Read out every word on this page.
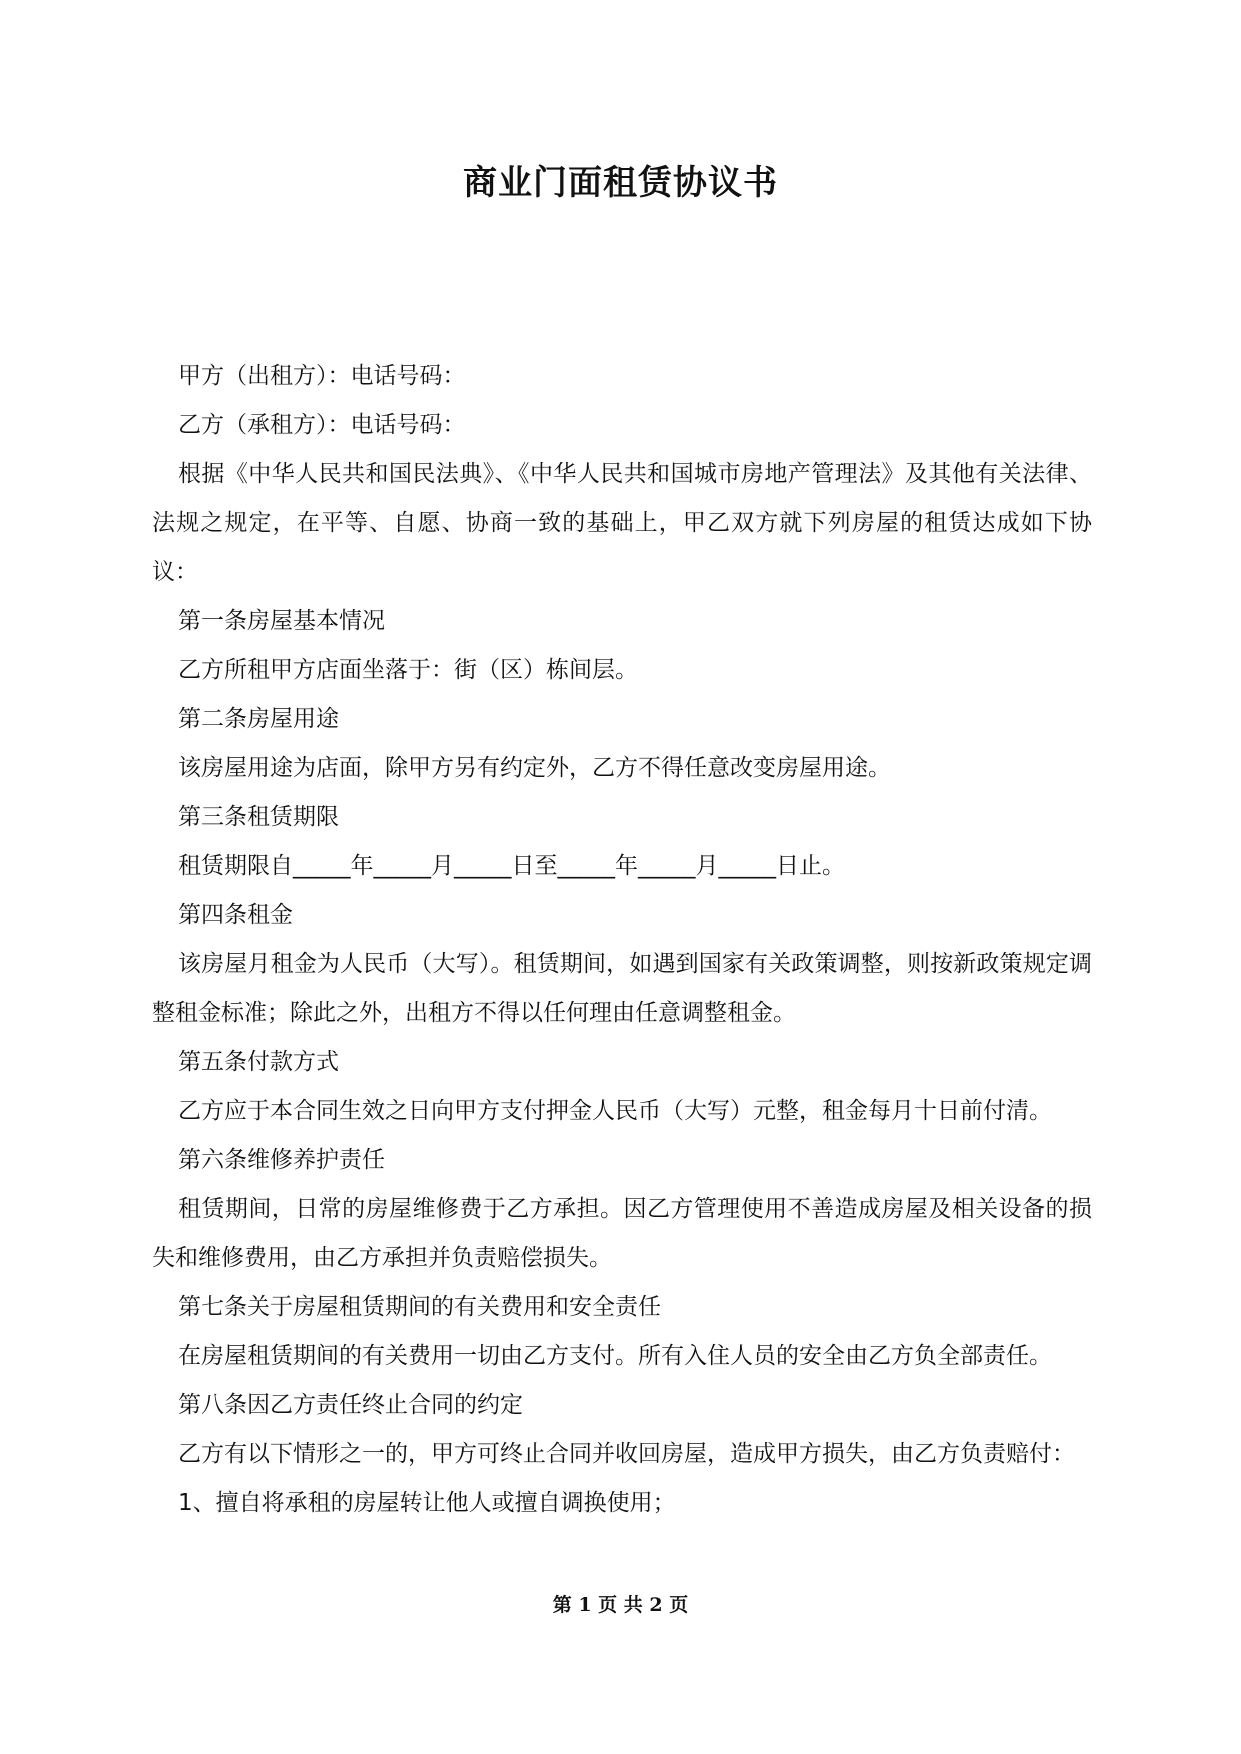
商业门面租赁协议书

甲方（出租方）：电话号码：

乙方（承租方）：电话号码：

根据《中华人民共和国民法典》、《中华人民共和国城市房地产管理法》及其他有关法律、法规之规定，在平等、自愿、协商一致的基础上，甲乙双方就下列房屋的租赁达成如下协议：

第一条房屋基本情况

乙方所租甲方店面坐落于：街（区）栋间层。

第二条房屋用途

该房屋用途为店面，除甲方另有约定外，乙方不得任意改变房屋用途。

第三条租赁期限

租赁期限自_____年_____月_____日至_____年_____月_____日止。

第四条租金

该房屋月租金为人民币（大写）。租赁期间，如遇到国家有关政策调整，则按新政策规定调整租金标准；除此之外，出租方不得以任何理由任意调整租金。

第五条付款方式

乙方应于本合同生效之日向甲方支付押金人民币（大写）元整，租金每月十日前付清。

第六条维修养护责任

租赁期间，日常的房屋维修费于乙方承担。因乙方管理使用不善造成房屋及相关设备的损失和维修费用，由乙方承担并负责赔偿损失。

第七条关于房屋租赁期间的有关费用和安全责任

在房屋租赁期间的有关费用一切由乙方支付。所有入住人员的安全由乙方负全部责任。

第八条因乙方责任终止合同的约定

乙方有以下情形之一的，甲方可终止合同并收回房屋，造成甲方损失，由乙方负责赔付：

1、擅自将承租的房屋转让他人或擅自调换使用；

第 1 页 共 2 页
